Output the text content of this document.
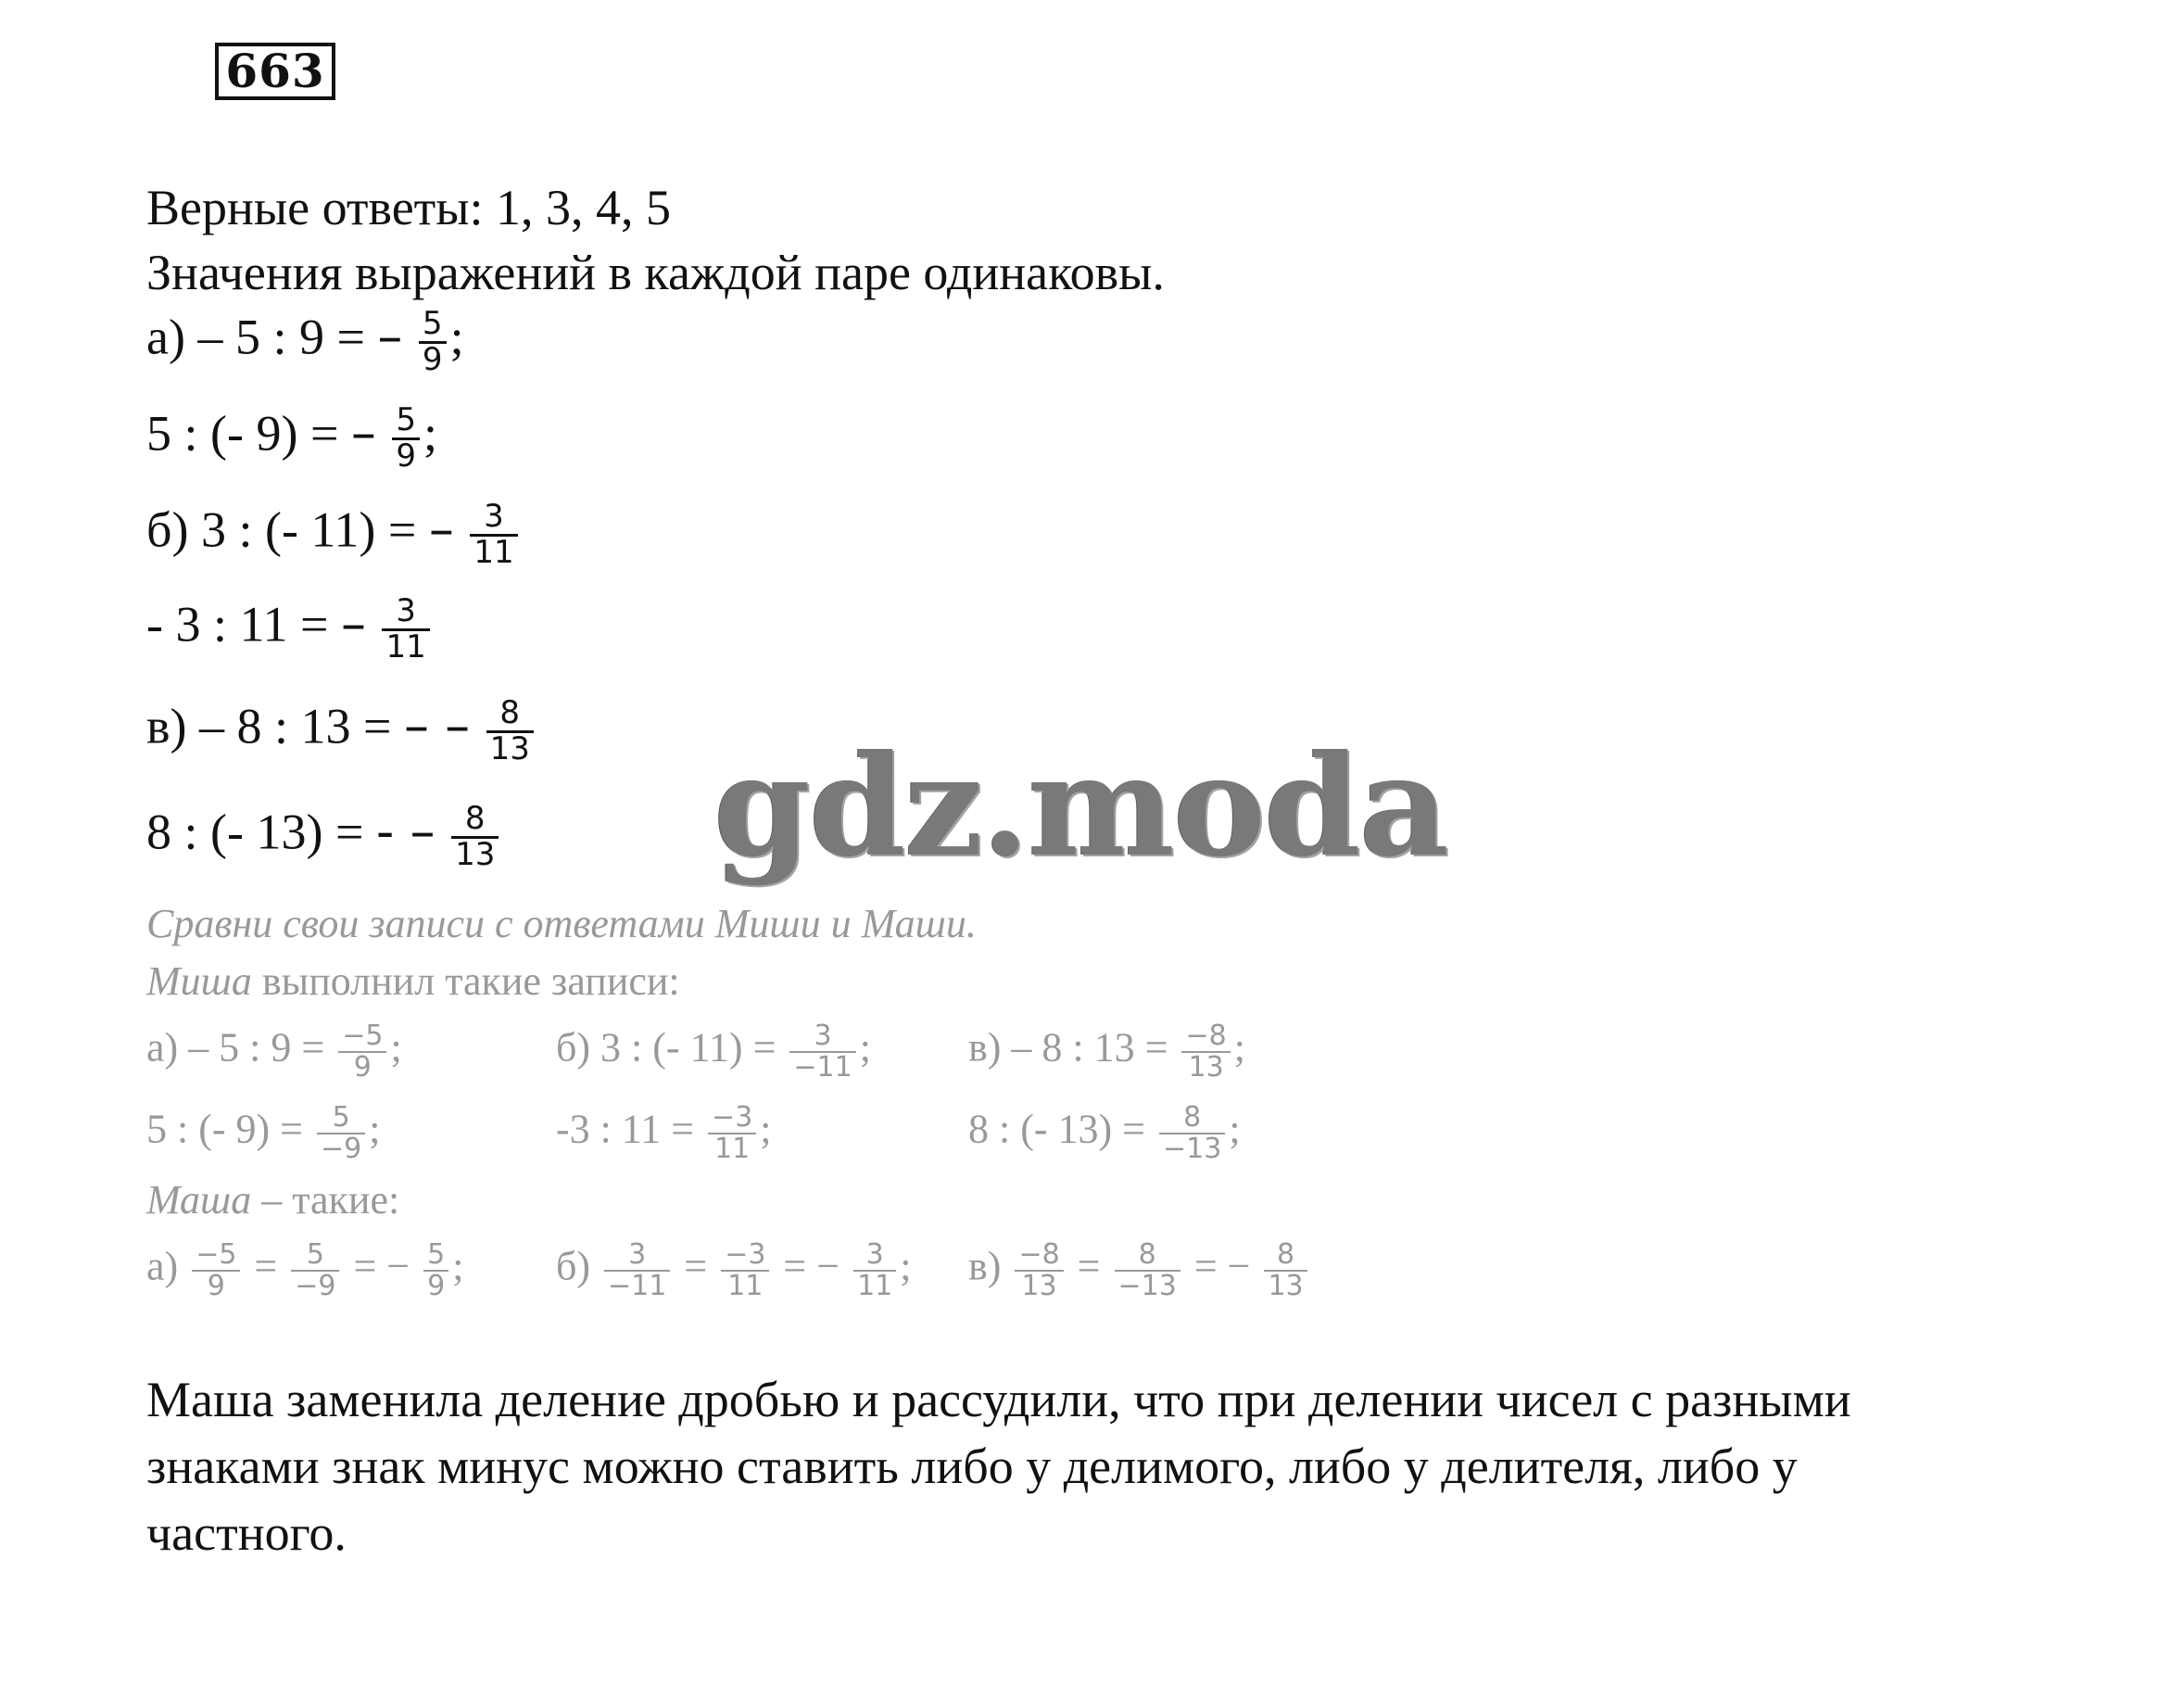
663
Верные ответы: 1, 3, 4, 5
Значения выражений в каждой паре одинаковы.
а) – 5 : 9 = – $\frac{5}{9}$ ;
5 : (- 9) = – $\frac{5}{9}$ ;
б) 3 : (- 11) = – $\frac{3}{11}$
- 3 : 11 = – $\frac{3}{11}$
в) – 8 : 13 = – – $\frac{8}{13}$
8 : (- 13) = - – $\frac{8}{13}$ gdz.moda
Сравни свои записи с ответами Миши и Маши.
Миша выполнил такие записи:
а) – 5 : $9 = \frac{-5}{9}$ ;	б) 3 : (- $11) = \frac{3}{-11}$ ; в) – 8 : $13 = \frac{-8}{13}$ ;
5 : (- $9) = \frac{5}{-9}$ ;	-3 : $11 = \frac{-3}{11}$ ;	8 : (- $13) = \frac{8}{-13}$ ;
Маша – такие:
$а) \frac{-5}{9} = \frac{5}{-9}$ = − $\frac{5}{9}$ ; $б) \frac{3}{-11} = \frac{-3}{11}$ = − $\frac{3}{11}$ ; $в) \frac{-8}{13} = \frac{8}{-13}$ = − $\frac{8}{13}$
Маша заменила деление дробью и рассудили, что при делении чисел с разными
знаками знак минус можно ставить либо у делимого, либо у делителя, либо у
частного.
